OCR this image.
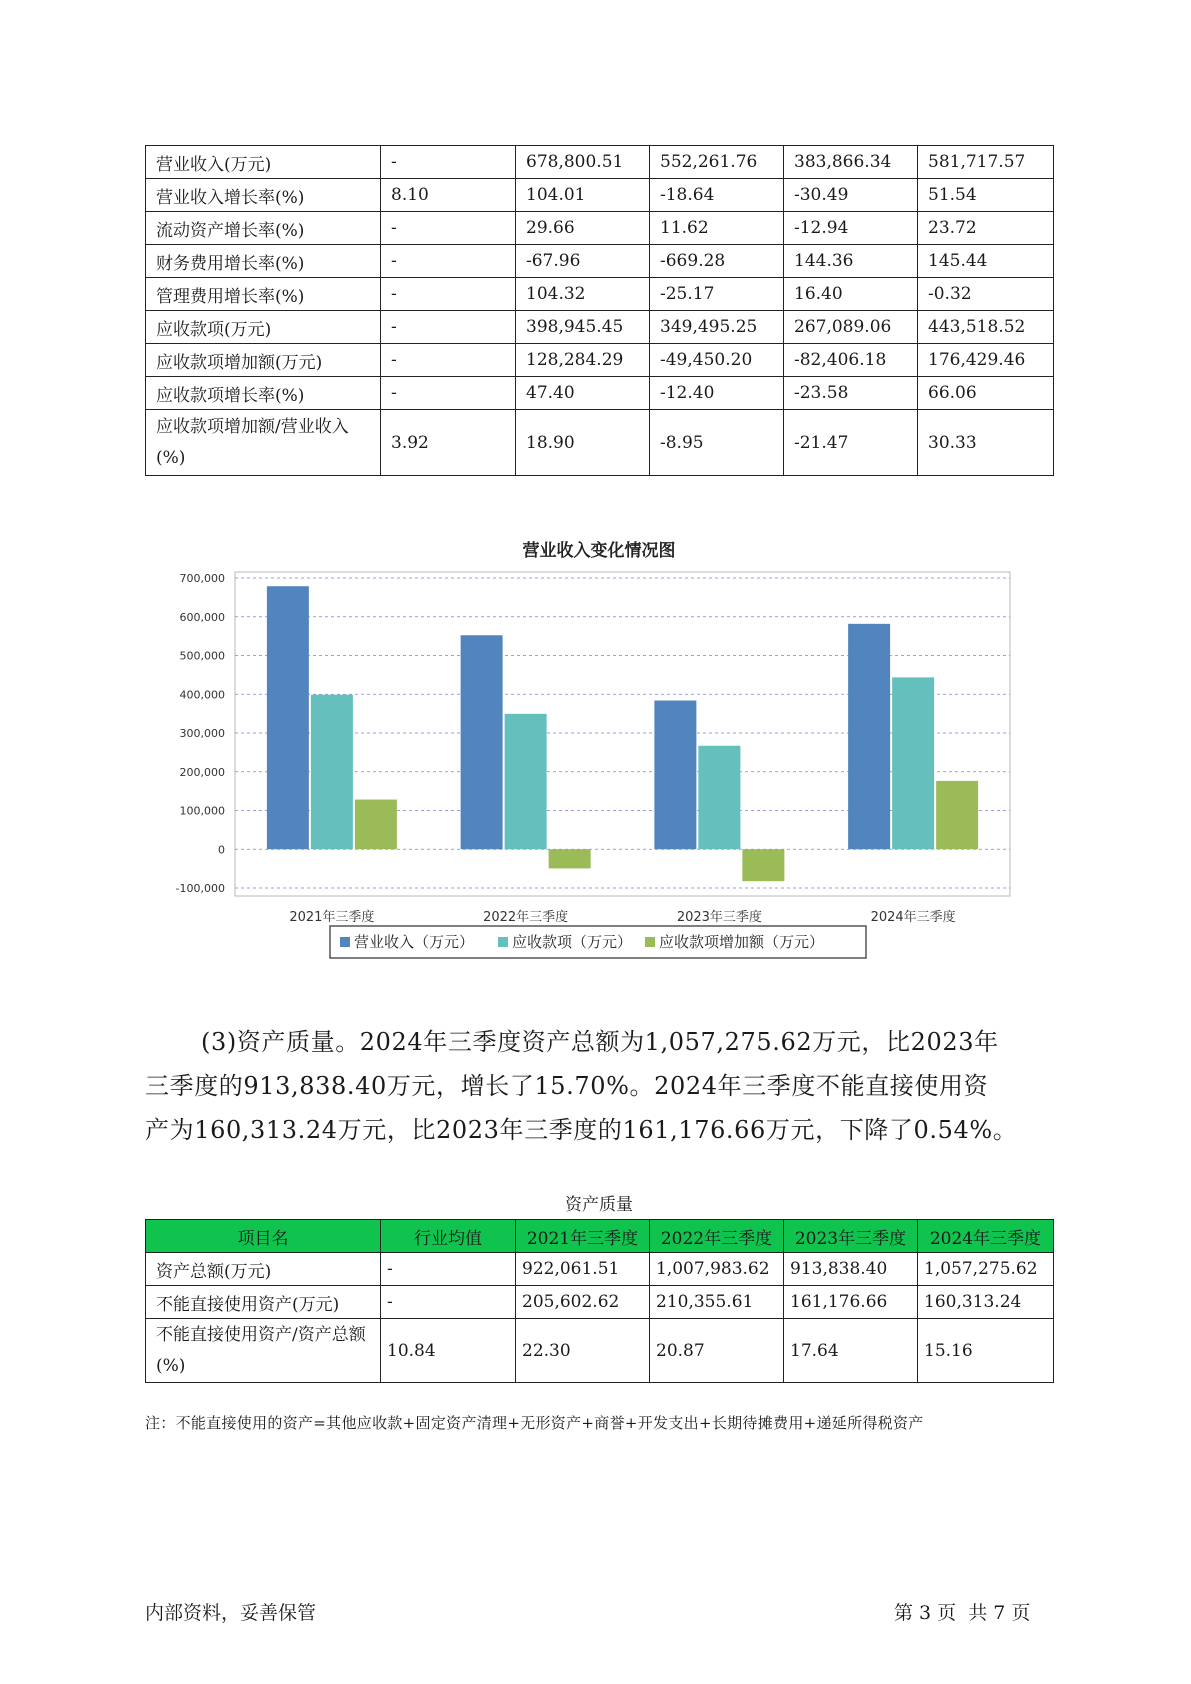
营业收入(万元)	-	678,800.51	552,261.76	383,866.34	581,717.57
营业收入增长率(%)	8.10	104.01	-18.64	-30.49	51.54
流动资产增长率(%)	-	29.66	11.62	-12.94	23.72
财务费用增长率(%)	-	-67.96	-669.28	144.36	145.44
管理费用增长率(%)	-	104.32	-25.17	16.40	-0.32
应收款项(万元)	-	398,945.45	349,495.25	267,089.06	443,518.52
应收款项增加额(万元)	-	128,284.29	-49,450.20	-82,406.18	176,429.46
应收款项增长率(%)	-	47.40	-12.40	-23.58	66.06
应收款项增加额/营业收入(%)	3.92	18.90	-8.95	-21.47	30.33
营业收入变化情况图
700,000
600,000
500,000
400,000
300,000
200,000
100,000
0
-100,000
2021年三季度	2022年三季度	2023年三季度	2024年三季度
营业收入（万元）	应收款项（万元） 应收款项增加额（万元）
(3)资产质量。2024年三季度资产总额为1,057,275.62万元，比2023年
三季度的913,838.40万元，增长了15.70%。2024年三季度不能直接使用资
产为160,313.24万元，比2023年三季度的161,176.66万元，下降了0.54%。
资产质量
项目名	行业均值	2021年三季度	2022年三季度	2023年三季度	2024年三季度
资产总额(万元)	-	922,061.51	1,007,983.62	913,838.40	1,057,275.62
不能直接使用资产(万元)	-	205,602.62	210,355.61	161,176.66	160,313.24
不能直接使用资产/资产总额(%)	10.84	22.30	20.87	17.64	15.16
注：不能直接使用的资产=其他应收款+固定资产清理+无形资产+商誉+开发支出+长期待摊费用+递延所得税资产
内部资料，妥善保管	第 3 页  共 7 页
